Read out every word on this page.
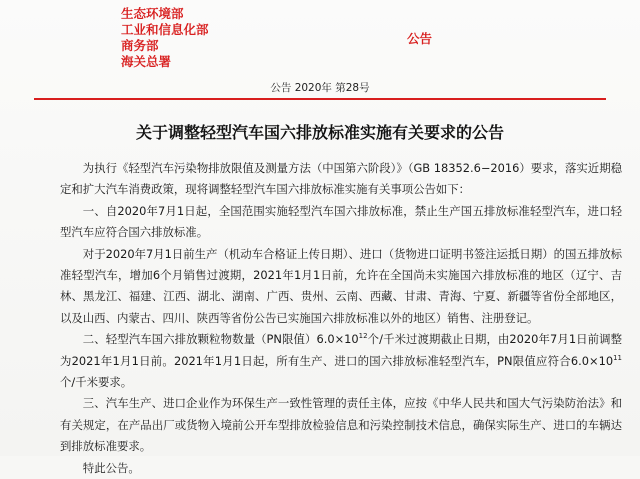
生态环境部
工业和信息化部
商务部
海关总署
公告
公告 2020年 第28号
关于调整轻型汽车国六排放标准实施有关要求的公告

为执行《轻型汽车污染物排放限值及测量方法（中国第六阶段）》（GB 18352.6−2016）要求，落实近期稳定和扩大汽车消费政策，现将调整轻型汽车国六排放标准实施有关事项公告如下：

一、自2020年7月1日起，全国范围实施轻型汽车国六排放标准，禁止生产国五排放标准轻型汽车，进口轻型汽车应符合国六排放标准。

对于2020年7月1日前生产（机动车合格证上传日期）、进口（货物进口证明书签注运抵日期）的国五排放标准轻型汽车，增加6个月销售过渡期，2021年1月1日前，允许在全国尚未实施国六排放标准的地区（辽宁、吉林、黑龙江、福建、江西、湖北、湖南、广西、贵州、云南、西藏、甘肃、青海、宁夏、新疆等省份全部地区，以及山西、内蒙古、四川、陕西等省份公告已实施国六排放标准以外的地区）销售、注册登记。

二、轻型汽车国六排放颗粒物数量（PN限值）$6.0\times 10^{12}$个/千米过渡期截止日期，由2020年7月1日前调整为2021年1月1日前。2021年1月1日起，所有生产、进口的国六排放标准轻型汽车，PN限值应符合$6.0\times 10^{11}$个/千米要求。

三、汽车生产、进口企业作为环保生产一致性管理的责任主体，应按《中华人民共和国大气污染防治法》和有关规定，在产品出厂或货物入境前公开车型排放检验信息和污染控制技术信息，确保实际生产、进口的车辆达到排放标准要求。

特此公告。
